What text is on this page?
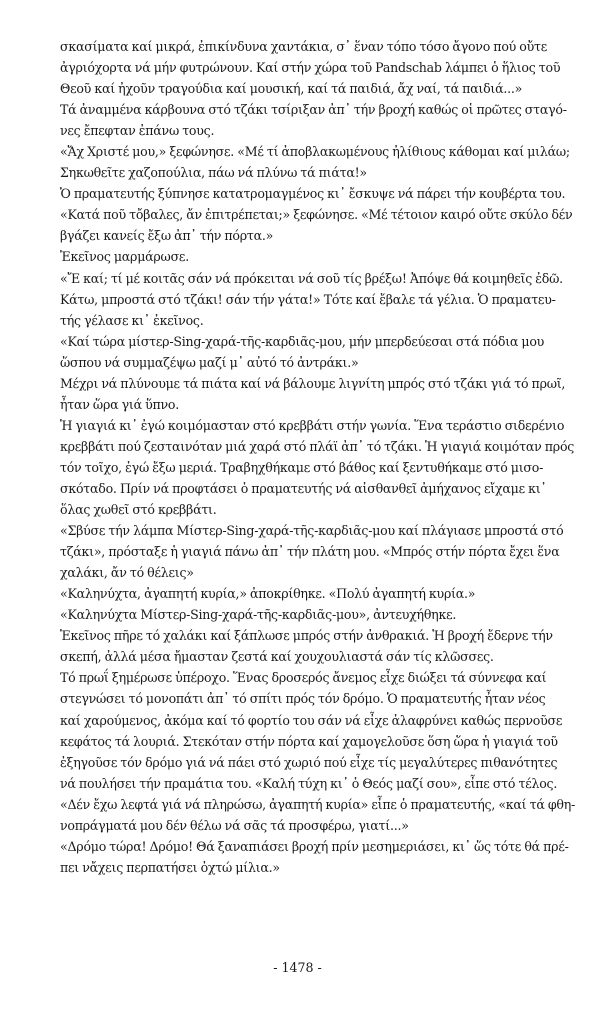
σκασίματα καί μικρά, ἐπικίνδυνα χαντάκια, σ᾽ ἕναν τόπο τόσο ἄγονο πού οὔτε
ἀγριόχορτα νά μήν φυτρώνουν. Καί στήν χώρα τοῦ Pandschab λάμπει ὁ ἥλιος τοῦ
Θεοῦ καί ἠχοῦν τραγούδια καί μουσική, καί τά παιδιά, ἄχ ναί, τά παιδιά...»
Τά ἀναμμένα κάρβουνα στό τζάκι τσίριξαν ἀπ᾽ τήν βροχή καθώς οἱ πρῶτες σταγό-
νες ἔπεφταν ἐπάνω τους.
«Ἄχ Χριστέ μου,» ξεφώνησε. «Μέ τί ἀποβλακωμένους ἠλίθιους κάθομαι καί μιλάω;
Σηκωθεῖτε χαζοπούλια, πάω νά πλύνω τά πιάτα!»
Ὁ πραματευτής ξύπνησε κατατρομαγμένος κι᾽ ἔσκυψε νά πάρει τήν κουβέρτα του.
«Κατά ποῦ τὄβαλες, ἄν ἐπιτρέπεται;» ξεφώνησε. «Μέ τέτοιον καιρό οὔτε σκύλο δέν
βγάζει κανείς ἔξω ἀπ᾽ τήν πόρτα.»
Ἐκεῖνος μαρμάρωσε.
«Ἔ καί; τί μέ κοιτᾶς σάν νά πρόκειται νά σοῦ τίς βρέξω! Ἀπόψε θά κοιμηθεῖς ἐδῶ.
Κάτω, μπροστά στό τζάκι! σάν τήν γάτα!» Τότε καί ἔβαλε τά γέλια. Ὁ πραματευ-
τής γέλασε κι᾽ ἐκεῖνος.
«Καί τώρα μίστερ-Sing-χαρά-τῆς-καρδιᾶς-μου, μήν μπερδεύεσαι στά πόδια μου
ὥσπου νά συμμαζέψω μαζί μ᾽ αὐτό τό ἀντράκι.»
Μέχρι νά πλύνουμε τά πιάτα καί νά βάλουμε λιγνίτη μπρός στό τζάκι γιά τό πρωῖ,
ἦταν ὥρα γιά ὕπνο.
Ἡ γιαγιά κι᾽ ἐγώ κοιμόμασταν στό κρεββάτι στήν γωνία. Ἕνα τεράστιο σιδερένιο
κρεββάτι πού ζεσταινόταν μιά χαρά στό πλάϊ ἀπ᾽ τό τζάκι. Ἡ γιαγιά κοιμόταν πρός
τόν τοῖχο, ἐγώ ἔξω μεριά. Τραβηχθήκαμε στό βάθος καί ξεντυθήκαμε στό μισο-
σκόταδο. Πρίν νά προφτάσει ὁ πραματευτής νά αἰσθανθεῖ ἀμήχανος εἴχαμε κι᾽
ὅλας χωθεῖ στό κρεββάτι.
«Σβύσε τήν λάμπα Μίστερ-Sing-χαρά-τῆς-καρδιᾶς-μου καί πλάγιασε μπροστά στό
τζάκι», πρόσταξε ἡ γιαγιά πάνω ἀπ᾽ τήν πλάτη μου. «Μπρός στήν πόρτα ἔχει ἕνα
χαλάκι, ἄν τό θέλεις»
«Καληνύχτα, ἀγαπητή κυρία,» ἀποκρίθηκε. «Πολύ ἀγαπητή κυρία.»
«Καληνύχτα Μίστερ-Sing-χαρά-τῆς-καρδιᾶς-μου», ἀντευχήθηκε.
Ἐκεῖνος πῆρε τό χαλάκι καί ξάπλωσε μπρός στήν ἀνθρακιά. Ἡ βροχή ἔδερνε τήν
σκεπή, ἀλλά μέσα ἤμασταν ζεστά καί χουχουλιαστά σάν τίς κλῶσσες.
Τό πρωΐ ξημέρωσε ὑπέροχο. Ἕνας δροσερός ἄνεμος εἶχε διώξει τά σύννεφα καί
στεγνώσει τό μονοπάτι ἀπ᾽ τό σπίτι πρός τόν δρόμο. Ὁ πραματευτής ἦταν νέος
καί χαρούμενος, ἀκόμα καί τό φορτίο του σάν νά εἶχε ἀλαφρύνει καθώς περνοῦσε
κεφάτος τά λουριά. Στεκόταν στήν πόρτα καί χαμογελοῦσε ὅση ὥρα ἡ γιαγιά τοῦ
ἐξηγοῦσε τόν δρόμο γιά νά πάει στό χωριό πού εἶχε τίς μεγαλύτερες πιθανότητες
νά πουλήσει τήν πραμάτια του. «Καλή τύχη κι᾽ ὁ Θεός μαζί σου», εἶπε στό τέλος.
«Δέν ἔχω λεφτά γιά νά πληρώσω, ἀγαπητή κυρία» εἶπε ὁ πραματευτής, «καί τά φθη-
νοπράγματά μου δέν θέλω νά σᾶς τά προσφέρω, γιατί...»
«Δρόμο τώρα! Δρόμο! Θά ξαναπιάσει βροχή πρίν μεσημεριάσει, κι᾽ ὥς τότε θά πρέ-
πει νἄχεις περπατήσει ὀχτώ μίλια.»
- 1478 -
